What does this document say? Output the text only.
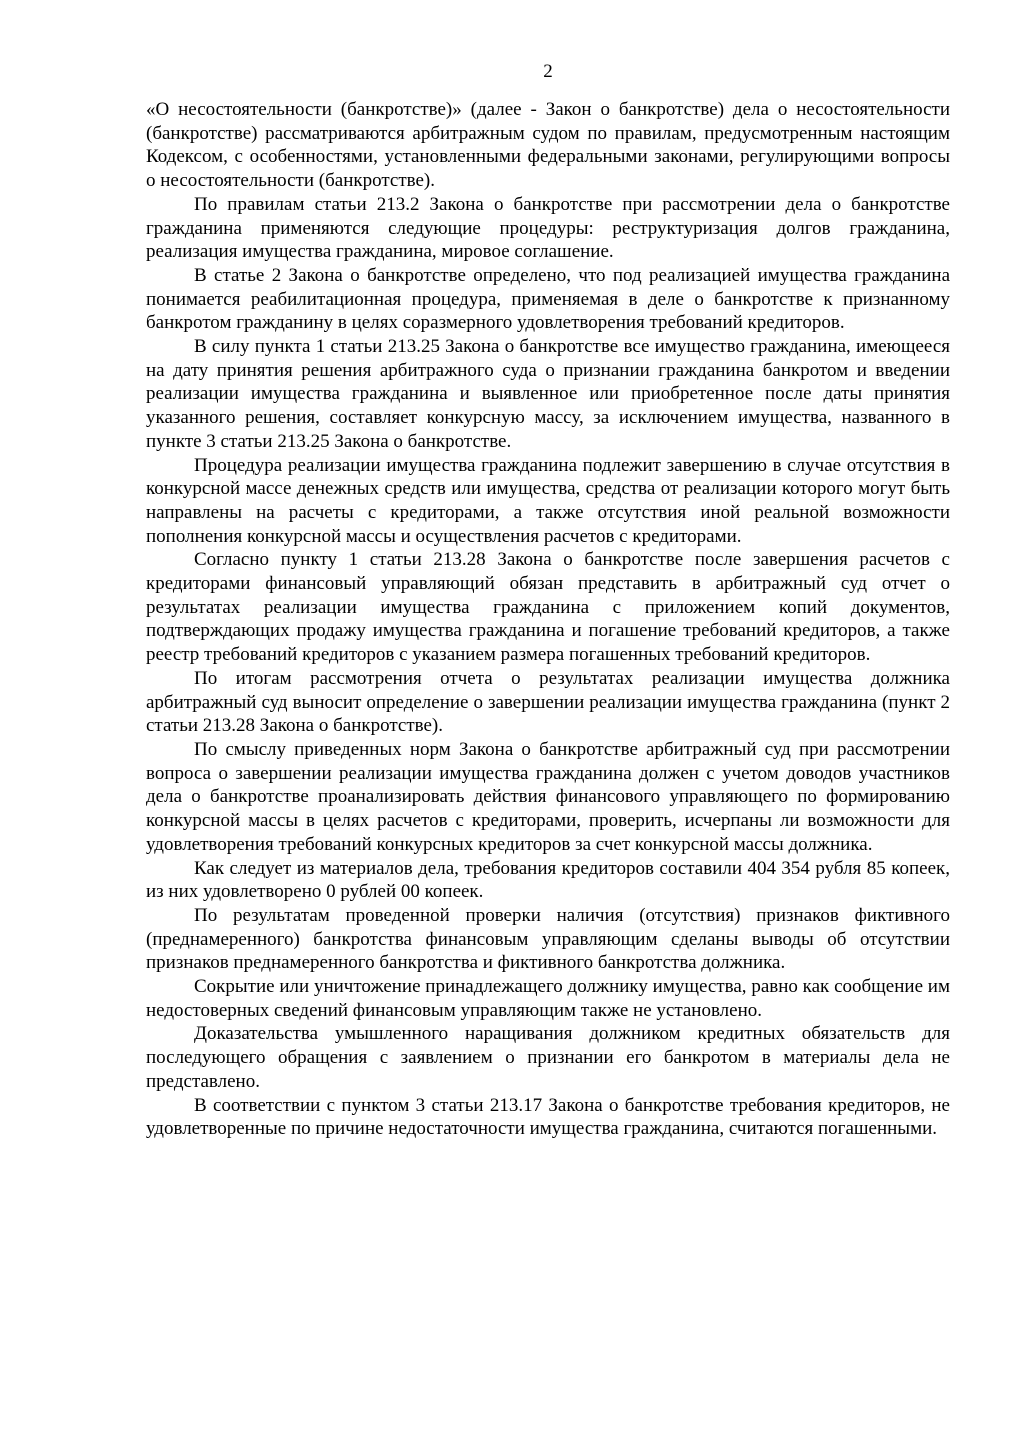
2

«О несостоятельности (банкротстве)» (далее - Закон о банкротстве) дела о несостоятельности (банкротстве) рассматриваются арбитражным судом по правилам, предусмотренным настоящим Кодексом, с особенностями, установленными федеральными законами, регулирующими вопросы о несостоятельности (банкротстве).

По правилам статьи 213.2 Закона о банкротстве при рассмотрении дела о банкротстве гражданина применяются следующие процедуры: реструктуризация долгов гражданина, реализация имущества гражданина, мировое соглашение.

В статье 2 Закона о банкротстве определено, что под реализацией имущества гражданина понимается реабилитационная процедура, применяемая в деле о банкротстве к признанному банкротом гражданину в целях соразмерного удовлетворения требований кредиторов.

В силу пункта 1 статьи 213.25 Закона о банкротстве все имущество гражданина, имеющееся на дату принятия решения арбитражного суда о признании гражданина банкротом и введении реализации имущества гражданина и выявленное или приобретенное после даты принятия указанного решения, составляет конкурсную массу, за исключением имущества, названного в пункте 3 статьи 213.25 Закона о банкротстве.

Процедура реализации имущества гражданина подлежит завершению в случае отсутствия в конкурсной массе денежных средств или имущества, средства от реализации которого могут быть направлены на расчеты с кредиторами, а также отсутствия иной реальной возможности пополнения конкурсной массы и осуществления расчетов с кредиторами.

Согласно пункту 1 статьи 213.28 Закона о банкротстве после завершения расчетов с кредиторами финансовый управляющий обязан представить в арбитражный суд отчет о результатах реализации имущества гражданина с приложением копий документов, подтверждающих продажу имущества гражданина и погашение требований кредиторов, а также реестр требований кредиторов с указанием размера погашенных требований кредиторов.

По итогам рассмотрения отчета о результатах реализации имущества должника арбитражный суд выносит определение о завершении реализации имущества гражданина (пункт 2 статьи 213.28 Закона о банкротстве).

По смыслу приведенных норм Закона о банкротстве арбитражный суд при рассмотрении вопроса о завершении реализации имущества гражданина должен с учетом доводов участников дела о банкротстве проанализировать действия финансового управляющего по формированию конкурсной массы в целях расчетов с кредиторами, проверить, исчерпаны ли возможности для удовлетворения требований конкурсных кредиторов за счет конкурсной массы должника.

Как следует из материалов дела, требования кредиторов составили 404 354 рубля 85 копеек, из них удовлетворено 0 рублей 00 копеек.

По результатам проведенной проверки наличия (отсутствия) признаков фиктивного (преднамеренного) банкротства финансовым управляющим сделаны выводы об отсутствии признаков преднамеренного банкротства и фиктивного банкротства должника.

Сокрытие или уничтожение принадлежащего должнику имущества, равно как сообщение им недостоверных сведений финансовым управляющим также не установлено.

Доказательства умышленного наращивания должником кредитных обязательств для последующего обращения с заявлением о признании его банкротом в материалы дела не представлено.

В соответствии с пунктом 3 статьи 213.17 Закона о банкротстве требования кредиторов, не удовлетворенные по причине недостаточности имущества гражданина, считаются погашенными.
